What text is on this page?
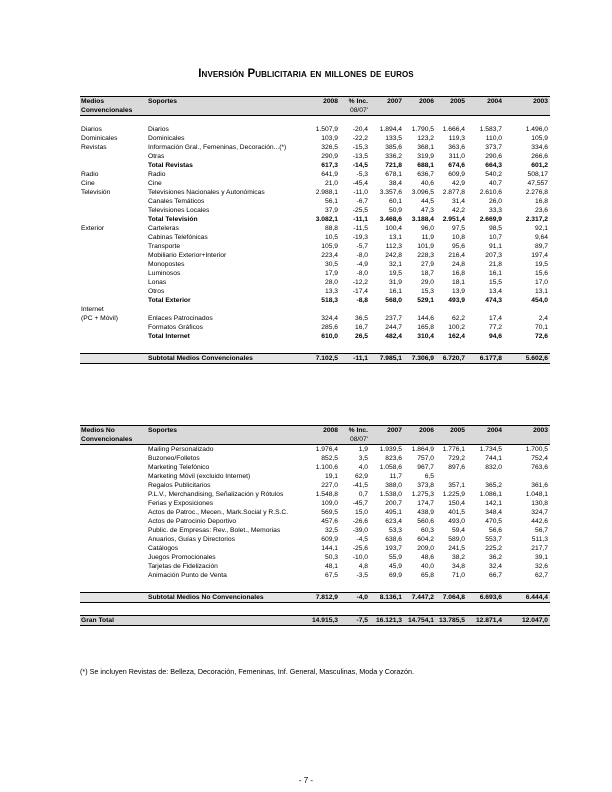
Inversión Publicitaria en millones de euros
Medios	Soportes	2008	% Inc.	2007	2006	2005	2004	2003
Convencionales			08/07'					

Diarios	Diarios	1.507,9	-20,4	1.894,4	1.790,5	1.666,4	1.583,7	1.496,0
Dominicales	Dominicales	103,9	-22,2	133,5	123,2	119,3	110,0	105,9
Revistas	Información Gral., Femeninas, Decoración...(*)	326,5	-15,3	385,6	368,1	363,6	373,7	334,6
	Otras	290,9	-13,5	336,2	319,9	311,0	290,6	266,6
	Total Revistas	617,3	-14,5	721,8	688,1	674,6	664,3	601,2
Radio	Radio	641,9	-5,3	678,1	636,7	609,9	540,2	508,17
Cine	Cine	21,0	-45,4	38,4	40,6	42,9	40,7	47,557
Televisión	Televisiones Nacionales y Autonómicas	2.988,1	-11,0	3.357,6	3.096,5	2.877,8	2.610,6	2.276,8
	Canales Temáticos	56,1	-6,7	60,1	44,5	31,4	26,0	16,8
	Televisiones Locales	37,9	-25,5	50,9	47,3	42,2	33,3	23,6
	Total Televisión	3.082,1	-11,1	3.468,6	3.188,4	2.951,4	2.669,9	2.317,2
Exterior	Carteleras	88,8	-11,5	100,4	96,0	97,5	98,5	92,1
	Cabinas Telefónicas	10,5	-19,3	13,1	11,9	10,8	10,7	9,64
	Transporte	105,9	-5,7	112,3	101,9	95,6	91,1	89,7
	Mobiliario Exterior+Interior	223,4	-8,0	242,8	228,3	216,4	207,3	197,4
	Monopostes	30,5	-4,9	32,1	27,9	24,8	21,8	19,5
	Luminosos	17,9	-8,0	19,5	18,7	16,8	16,1	15,6
	Lonas	28,0	-12,2	31,9	29,0	18,1	15,5	17,0
	Otros	13,3	-17,4	16,1	15,3	13,9	13,4	13,1
	Total Exterior	518,3	-8,8	568,0	529,1	493,9	474,3	454,0
Internet								
(PC + Móvil)	Enlaces Patrocinados	324,4	36,5	237,7	144,6	62,2	17,4	2,4
	Formatos Gráficos	285,6	16,7	244,7	165,8	100,2	77,2	70,1
	Total Internet	610,0	26,5	482,4	310,4	162,4	94,6	72,6

	Subtotal Medios Convencionales	7.102,5	-11,1	7.985,1	7.306,9	6.720,7	6.177,8	5.602,6
Medios No	Soportes	2008	% Inc.	2007	2006	2005	2004	2003
Convencionales			08/07'					
	Mailing Personalizado	1.976,4	1,9	1.939,5	1.864,9	1.776,1	1.734,5	1.700,5
	Buzoneo/Folletos	852,5	3,5	823,6	757,0	729,2	744,1	752,4
	Marketing Telefónico	1.100,6	4,0	1.058,6	967,7	897,6	832,0	763,6
	Marketing Móvil (excluido Internet)	19,1	62,9	11,7	6,5			
	Regalos Publicitarios	227,0	-41,5	388,0	373,8	357,1	365,2	361,6
	P.L.V., Merchandising, Señalización y Rótulos	1.548,8	0,7	1.538,0	1.275,3	1.225,9	1.086,1	1.048,1
	Ferias y Exposiciones	109,0	-45,7	200,7	174,7	150,4	142,1	130,8
	Actos de Patroc., Mecen., Mark.Social y R.S.C.	569,5	15,0	495,1	438,9	401,5	348,4	324,7
	Actos de Patrocinio Deportivo	457,6	-26,6	623,4	560,6	493,0	470,5	442,6
	Public. de Empresas: Rev., Bolet., Memorias	32,5	-39,0	53,3	60,3	59,4	56,6	56,7
	Anuarios, Guías y Directorios	609,9	-4,5	638,6	604,2	589,0	553,7	511,3
	Catálogos	144,1	-25,6	193,7	209,0	241,5	225,2	217,7
	Juegos Promocionales	50,3	-10,0	55,9	48,6	38,2	36,2	39,1
	Tarjetas de Fidelización	48,1	4,8	45,9	40,0	34,8	32,4	32,6
	Animación Punto de Venta	67,5	-3,5	69,9	65,8	71,0	66,7	62,7

	Subtotal Medios No Convencionales	7.812,9	-4,0	8.136,1	7.447,2	7.064,8	6.693,6	6.444,4

Gran Total		14.915,3	-7,5	16.121,3	14.754,1	13.785,5	12.871,4	12.047,0
(*) Se incluyen Revistas de: Belleza, Decoración, Femeninas, Inf. General, Masculinas, Moda y Corazón.
- 7 -
